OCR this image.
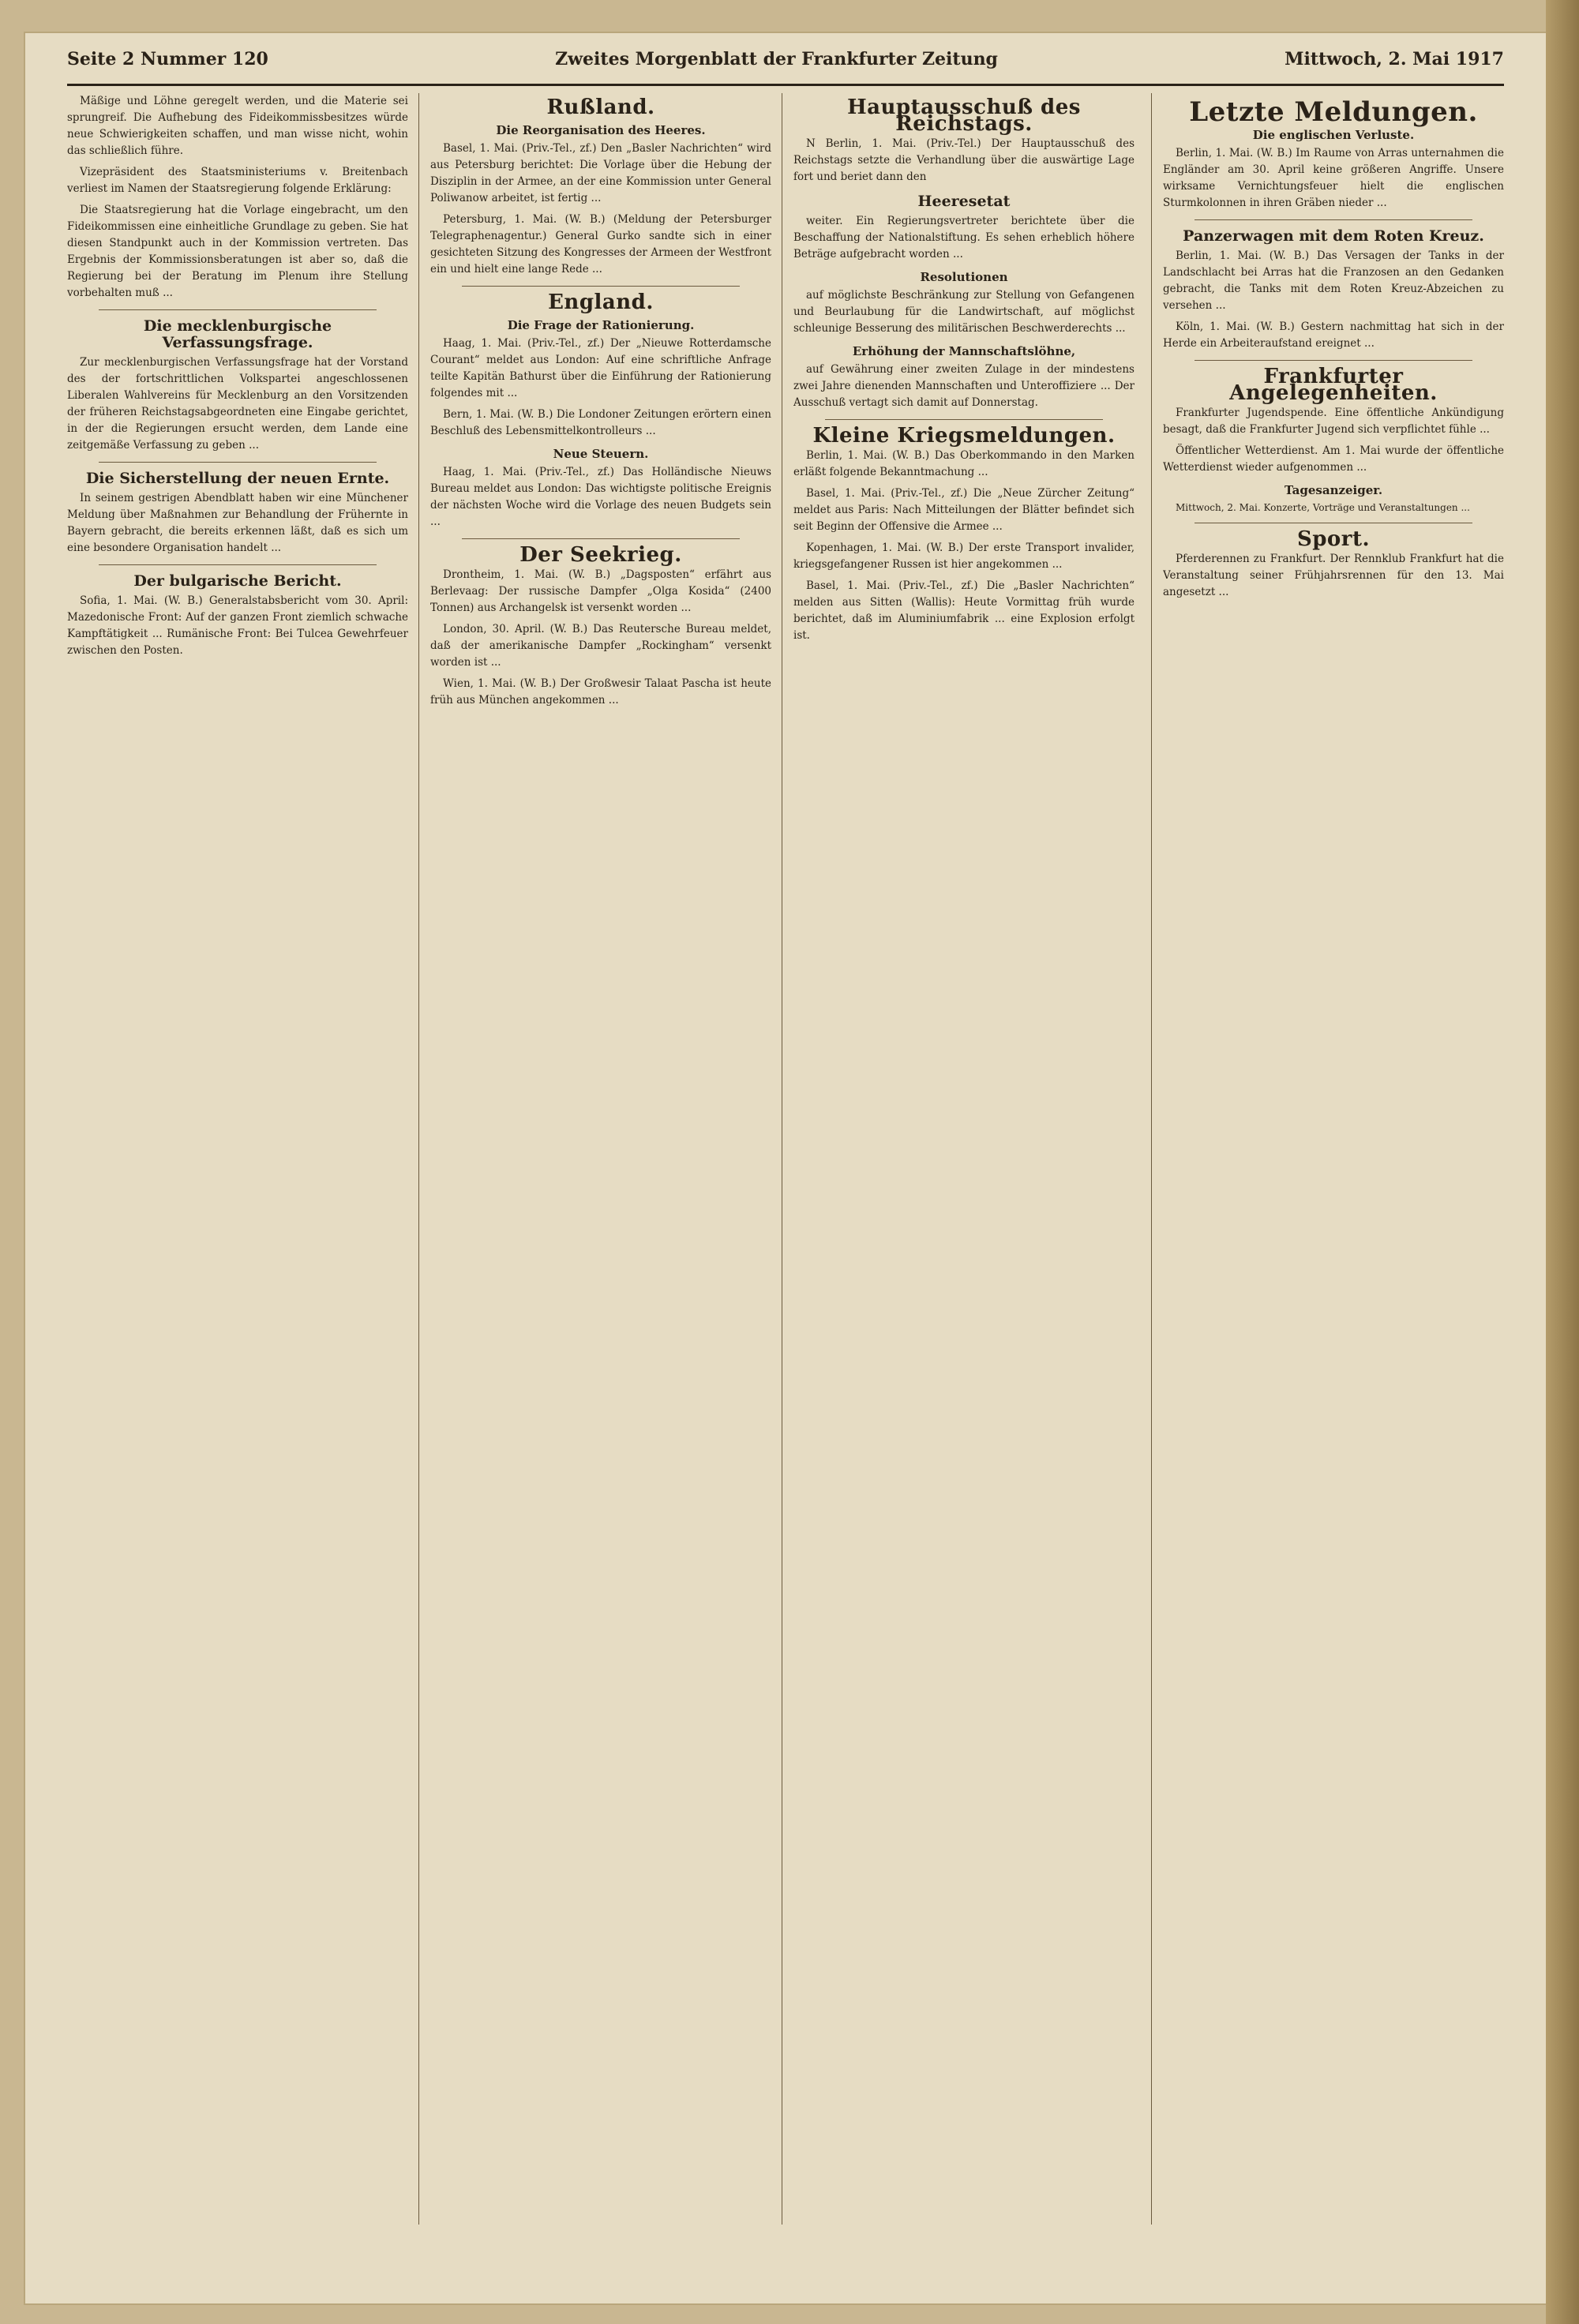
Seite 2 Nummer 120	Zweites Morgenblatt der Frankfurter Zeitung	Mittwoch, 2. Mai 1917

Mäßige und Löhne geregelt werden, und die Materie sei sprungreif. Die Aufhebung des Fideikommissbesitzes würde neue Schwierigkeiten schaffen, und man wisse nicht, wohin das schließlich führe.

Vizepräsident des Staatsministeriums v. Breitenbach verliest im Namen der Staatsregierung folgende Erklärung:

Die Staatsregierung hat die Vorlage eingebracht, um den Fideikommissen eine einheitliche Grundlage zu geben. Sie hat diesen Standpunkt auch in der Kommission vertreten. Das Ergebnis der Kommissionsberatungen ist aber so, daß die Regierung bei der Beratung im Plenum ihre Stellung vorbehalten muß ...

Die mecklenburgische Verfassungsfrage.

Zur mecklenburgischen Verfassungsfrage hat der Vorstand des der fortschrittlichen Volkspartei angeschlossenen Liberalen Wahlvereins für Mecklenburg an den Vorsitzenden der früheren Reichstagsabgeordneten eine Eingabe gerichtet, in der die Regierungen ersucht werden, dem Lande eine zeitgemäße Verfassung zu geben ...

Die Sicherstellung der neuen Ernte.

In seinem gestrigen Abendblatt haben wir eine Münchener Meldung über Maßnahmen zur Behandlung der Frühernte in Bayern gebracht, die bereits erkennen läßt, daß es sich um eine besondere Organisation handelt ...

Der bulgarische Bericht.

Sofia, 1. Mai. (W. B.) Generalstabsbericht vom 30. April: Mazedonische Front: Auf der ganzen Front ziemlich schwache Kampftätigkeit ... Rumänische Front: Bei Tulcea Gewehrfeuer zwischen den Posten.

Rußland.
Die Reorganisation des Heeres.

Basel, 1. Mai. (Priv.-Tel., zf.) Den „Basler Nachrichten“ wird aus Petersburg berichtet: Die Vorlage über die Hebung der Disziplin in der Armee, an der eine Kommission unter General Poliwanow arbeitet, ist fertig ...

Petersburg, 1. Mai. (W. B.) (Meldung der Petersburger Telegraphenagentur.) General Gurko sandte sich in einer gesichteten Sitzung des Kongresses der Armeen der Westfront ein und hielt eine lange Rede ...

England.
Die Frage der Rationierung.

Haag, 1. Mai. (Priv.-Tel., zf.) Der „Nieuwe Rotterdamsche Courant“ meldet aus London: Auf eine schriftliche Anfrage teilte Kapitän Bathurst über die Einführung der Rationierung folgendes mit ...

Bern, 1. Mai. (W. B.) Die Londoner Zeitungen erörtern einen Beschluß des Lebensmittelkontrolleurs ...

Neue Steuern.

Haag, 1. Mai. (Priv.-Tel., zf.) Das Holländische Nieuws Bureau meldet aus London: Das wichtigste politische Ereignis der nächsten Woche wird die Vorlage des neuen Budgets sein ...

Der Seekrieg.

Drontheim, 1. Mai. (W. B.) „Dagsposten“ erfährt aus Berlevaag: Der russische Dampfer „Olga Kosida“ (2400 Tonnen) aus Archangelsk ist versenkt worden ...

London, 30. April. (W. B.) Das Reutersche Bureau meldet, daß der amerikanische Dampfer „Rockingham“ versenkt worden ist ...

Wien, 1. Mai. (W. B.) Der Großwesir Talaat Pascha ist heute früh aus München angekommen ...

Hauptausschuß des Reichstags.

N Berlin, 1. Mai. (Priv.-Tel.) Der Hauptausschuß des Reichstags setzte die Verhandlung über die auswärtige Lage fort und beriet dann den

Heeresetat

weiter. Ein Regierungsvertreter berichtete über die Beschaffung der Nationalstiftung. Es sehen erheblich höhere Beträge aufgebracht worden ...

Resolutionen

auf möglichste Beschränkung zur Stellung von Gefangenen und Beurlaubung für die Landwirtschaft, auf möglichst schleunige Besserung des militärischen Beschwerderechts ...

Erhöhung der Mannschaftslöhne,

auf Gewährung einer zweiten Zulage in der mindestens zwei Jahre dienenden Mannschaften und Unteroffiziere ... Der Ausschuß vertagt sich damit auf Donnerstag.

Kleine Kriegsmeldungen.

Berlin, 1. Mai. (W. B.) Das Oberkommando in den Marken erläßt folgende Bekanntmachung ...

Basel, 1. Mai. (Priv.-Tel., zf.) Die „Neue Zürcher Zeitung“ meldet aus Paris: Nach Mitteilungen der Blätter befindet sich seit Beginn der Offensive die Armee ...

Kopenhagen, 1. Mai. (W. B.) Der erste Transport invalider, kriegsgefangener Russen ist hier angekommen ...

Basel, 1. Mai. (Priv.-Tel., zf.) Die „Basler Nachrichten“ melden aus Sitten (Wallis): Heute Vormittag früh wurde berichtet, daß im Aluminiumfabrik ... eine Explosion erfolgt ist.

Letzte Meldungen.
Die englischen Verluste.

Berlin, 1. Mai. (W. B.) Im Raume von Arras unternahmen die Engländer am 30. April keine größeren Angriffe. Unsere wirksame Vernichtungsfeuer hielt die englischen Sturmkolonnen in ihren Gräben nieder ...

Panzerwagen mit dem Roten Kreuz.

Berlin, 1. Mai. (W. B.) Das Versagen der Tanks in der Landschlacht bei Arras hat die Franzosen an den Gedanken gebracht, die Tanks mit dem Roten Kreuz-Abzeichen zu versehen ...

Köln, 1. Mai. (W. B.) Gestern nachmittag hat sich in der Herde ein Arbeiteraufstand ereignet ...

Frankfurter Angelegenheiten.

Frankfurter Jugendspende. Eine öffentliche Ankündigung besagt, daß die Frankfurter Jugend sich verpflichtet fühle ...

Öffentlicher Wetterdienst. Am 1. Mai wurde der öffentliche Wetterdienst wieder aufgenommen ...

Tagesanzeiger.

Mittwoch, 2. Mai. Konzerte, Vorträge und Veranstaltungen ...

Sport.

Pferderennen zu Frankfurt. Der Rennklub Frankfurt hat die Veranstaltung seiner Frühjahrsrennen für den 13. Mai angesetzt ...
